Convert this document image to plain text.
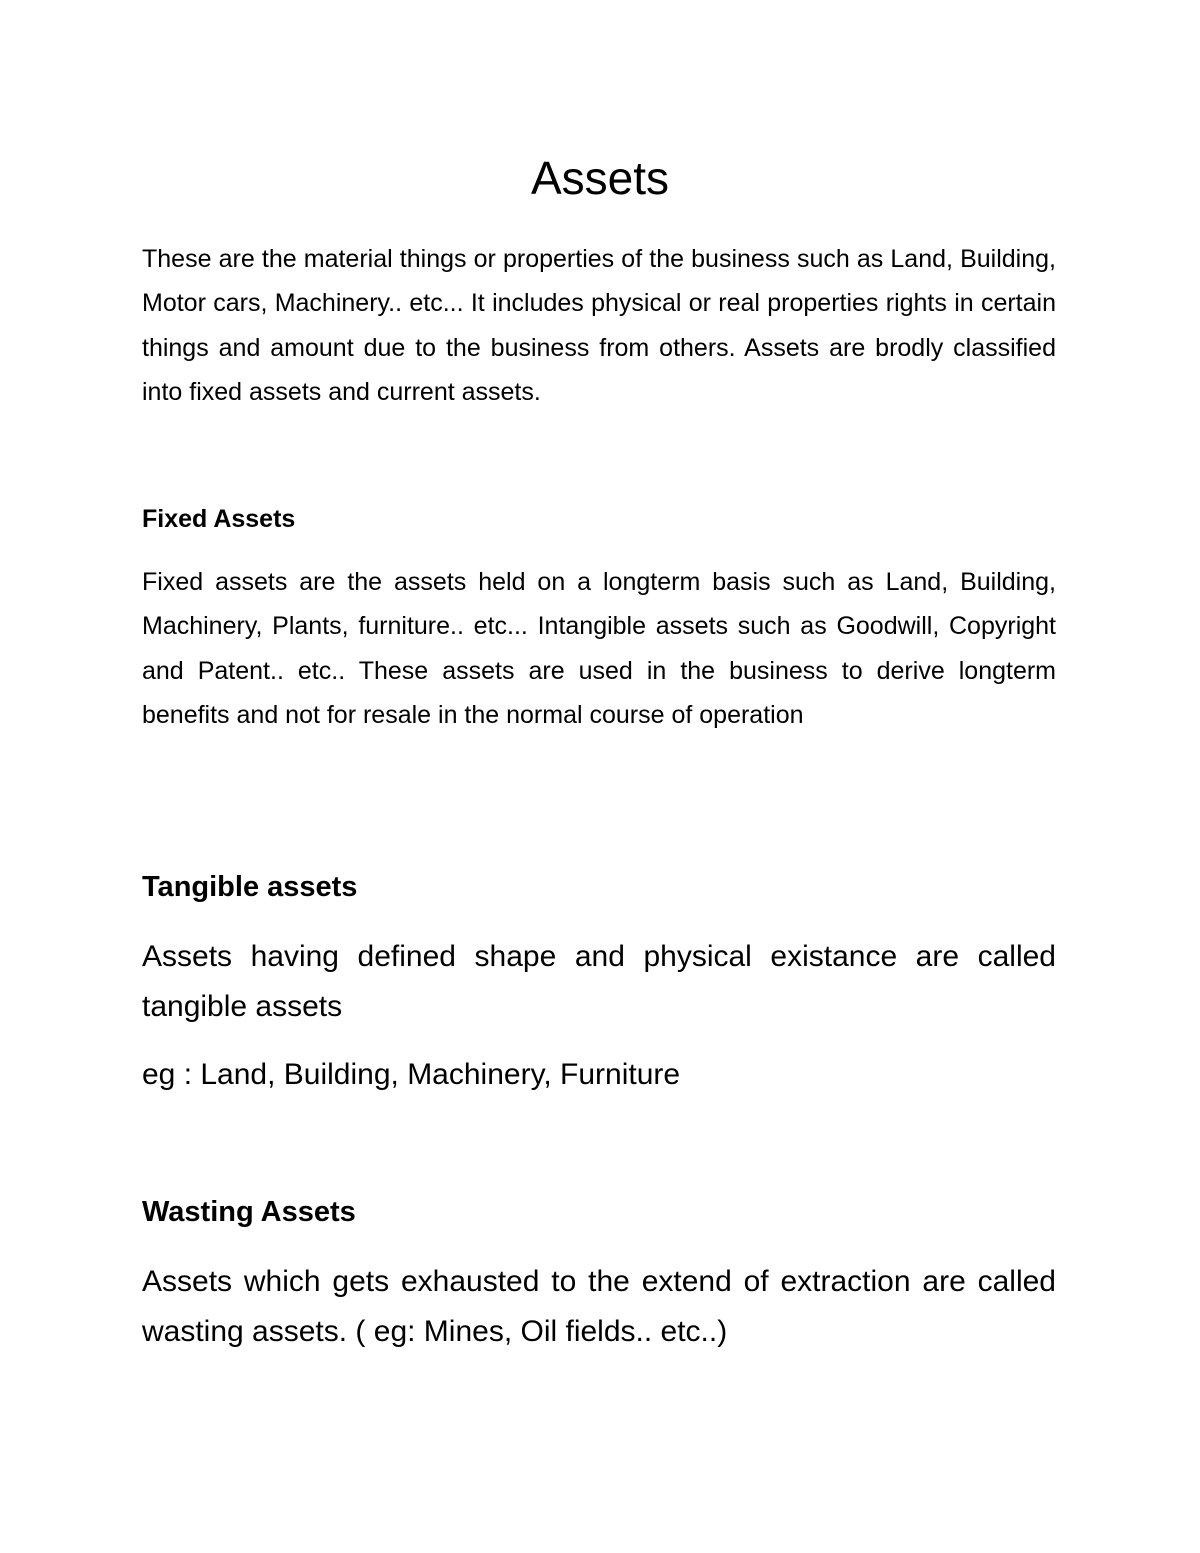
Assets

These are the material things or properties of the business such as Land, Building, Motor cars, Machinery.. etc... It includes physical or real properties rights in certain things and amount due to the business from others. Assets are brodly classified into fixed assets and current assets.

Fixed Assets

Fixed assets are the assets held on a longterm basis such as Land, Building, Machinery, Plants, furniture.. etc... Intangible assets such as Goodwill, Copyright and Patent.. etc.. These assets are used in the business to derive longterm benefits and not for resale in the normal course of operation

Tangible assets

Assets having defined shape and physical existance are called tangible assets

eg : Land, Building, Machinery, Furniture

Wasting Assets

Assets which gets exhausted to the extend of extraction are called wasting assets. ( eg: Mines, Oil fields.. etc..)
